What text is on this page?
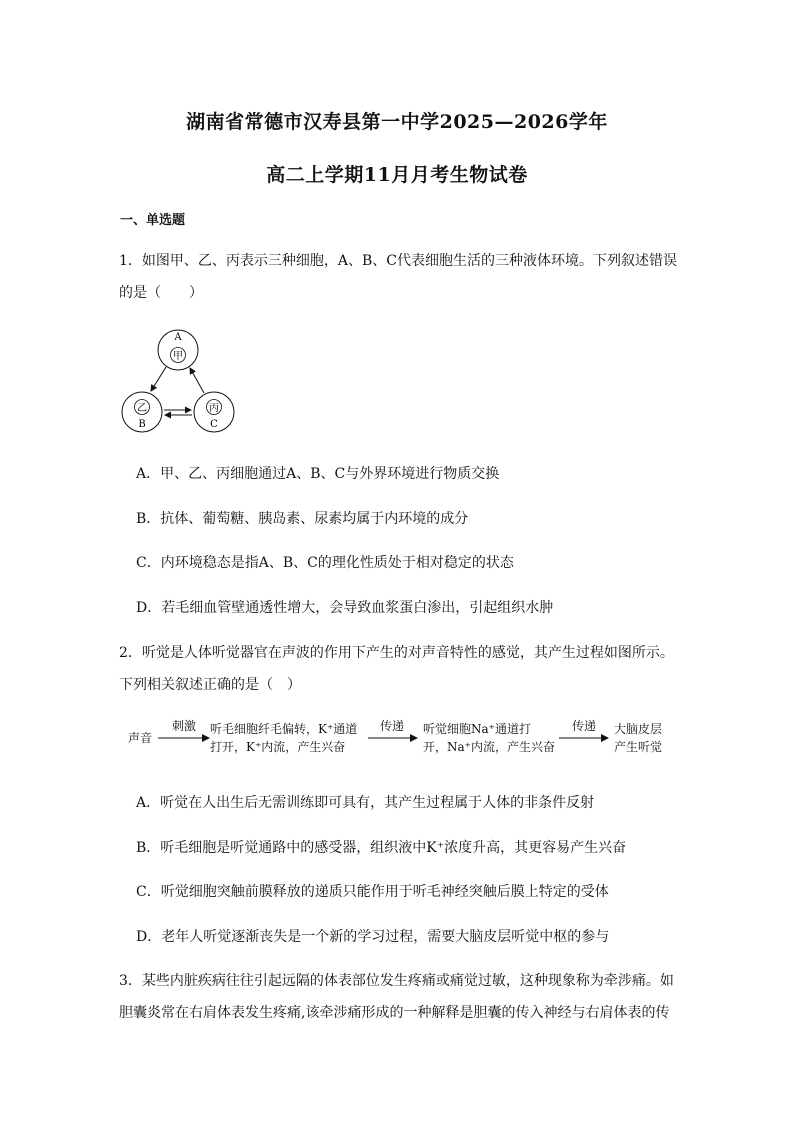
湖南省常德市汉寿县第一中学2025—2026学年
高二上学期11月月考生物试卷
一、单选题
1．如图甲、乙、丙表示三种细胞，A、B、C代表细胞生活的三种液体环境。下列叙述错误
的是（　　）
A
甲
乙
B
丙
C
A．甲、乙、丙细胞通过A、B、C与外界环境进行物质交换
B．抗体、葡萄糖、胰岛素、尿素均属于内环境的成分
C．内环境稳态是指A、B、C的理化性质处于相对稳定的状态
D．若毛细血管壁通透性增大，会导致血浆蛋白渗出，引起组织水肿
2．听觉是人体听觉器官在声波的作用下产生的对声音特性的感觉，其产生过程如图所示。
下列相关叙述正确的是（　）
声音
刺激	听毛细胞纤毛偏转，K⁺通道
打开，K⁺内流，产生兴奋
传递	听觉细胞Na⁺通道打
开，Na⁺内流，产生兴奋
传递	大脑皮层
产生听觉
A．听觉在人出生后无需训练即可具有，其产生过程属于人体的非条件反射
B．听毛细胞是听觉通路中的感受器，组织液中K⁺浓度升高，其更容易产生兴奋
C．听觉细胞突触前膜释放的递质只能作用于听毛神经突触后膜上特定的受体
D．老年人听觉逐渐丧失是一个新的学习过程，需要大脑皮层听觉中枢的参与
3．某些内脏疾病往往引起远隔的体表部位发生疼痛或痛觉过敏，这种现象称为牵涉痛。如
胆囊炎常在右肩体表发生疼痛,该牵涉痛形成的一种解释是胆囊的传入神经与右肩体表的传
